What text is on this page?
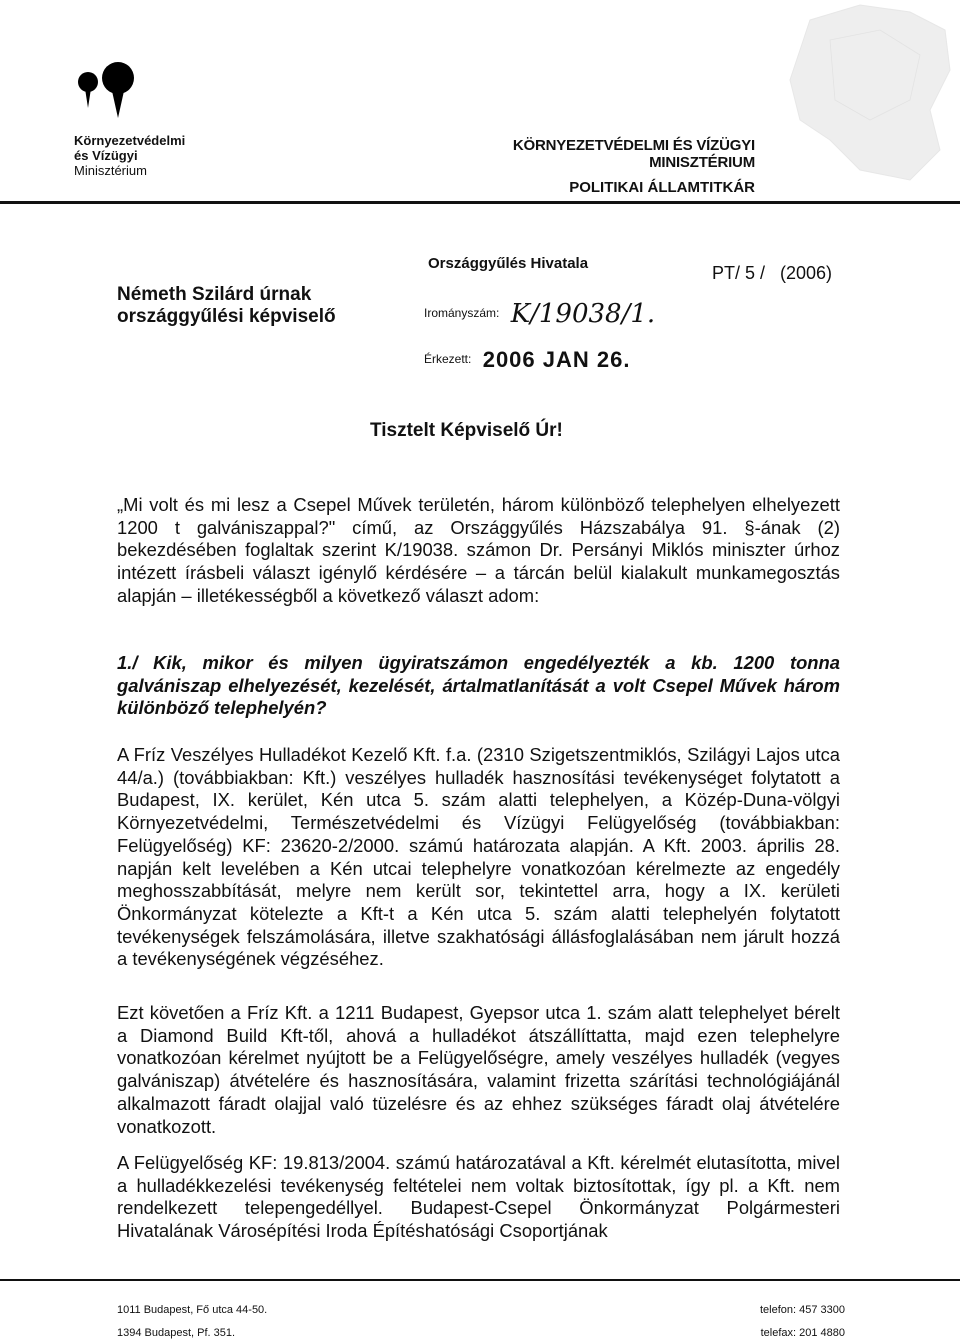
Környezetvédelmi
és Vízügyi
Minisztérium
KÖRNYEZETVÉDELMI ÉS VÍZÜGYI MINISZTÉRIUM
POLITIKAI ÁLLAMTITKÁR
Németh Szilárd úrnak
országgyűlési képviselő
Országgyűlés Hivatala
Irományszám: K/19038/1.
Érkezett: 2006 JAN 26.
PT/ 5 /   (2006)
Tisztelt Képviselő Úr!
„Mi volt és mi lesz a Csepel Művek területén, három különböző telephelyen elhelyezett 1200 t galvániszappal?" című, az Országgyűlés Házszabálya 91. §-ának (2) bekezdésében foglaltak szerint K/19038. számon Dr. Persányi Miklós miniszter úrhoz intézett írásbeli választ igénylő kérdésére – a tárcán belül kialakult munkamegosztás alapján – illetékességből a következő választ adom:
1./ Kik, mikor és milyen ügyiratszámon engedélyezték a kb. 1200 tonna galvániszap elhelyezését, kezelését, ártalmatlanítását a volt Csepel Művek három különböző telephelyén?
A Fríz Veszélyes Hulladékot Kezelő Kft. f.a. (2310 Szigetszentmiklós, Szilágyi Lajos utca 44/a.) (továbbiakban: Kft.) veszélyes hulladék hasznosítási tevékenységet folytatott a Budapest, IX. kerület, Kén utca 5. szám alatti telephelyen, a Közép-Duna-völgyi Környezetvédelmi, Természetvédelmi és Vízügyi Felügyelőség (továbbiakban: Felügyelőség) KF: 23620-2/2000. számú határozata alapján. A Kft. 2003. április 28. napján kelt levelében a Kén utcai telephelyre vonatkozóan kérelmezte az engedély meghosszabbítását, melyre nem került sor, tekintettel arra, hogy a IX. kerületi Önkormányzat kötelezte a Kft-t a Kén utca 5. szám alatti telephelyén folytatott tevékenységek felszámolására, illetve szakhatósági állásfoglalásában nem járult hozzá a tevékenységének végzéséhez.
Ezt követően a Fríz Kft. a 1211 Budapest, Gyepsor utca 1. szám alatt telephelyet bérelt a Diamond Build Kft-től, ahová a hulladékot átszállíttatta, majd ezen telephelyre vonatkozóan kérelmet nyújtott be a Felügyelőségre, amely veszélyes hulladék (vegyes galvániszap) átvételére és hasznosítására, valamint frizetta szárítási technológiájánál alkalmazott fáradt olajjal való tüzelésre és az ehhez szükséges fáradt olaj átvételére vonatkozott.
A Felügyelőség KF: 19.813/2004. számú határozatával a Kft. kérelmét elutasította, mivel a hulladékkezelési tevékenység feltételei nem voltak biztosítottak, így pl. a Kft. nem rendelkezett telepengedéllyel. Budapest-Csepel Önkormányzat Polgármesteri Hivatalának Városépítési Iroda Építéshatósági Csoportjának
1011 Budapest, Fő utca 44-50.
1394 Budapest, Pf. 351.
telefon: 457 3300
telefax: 201 4880
